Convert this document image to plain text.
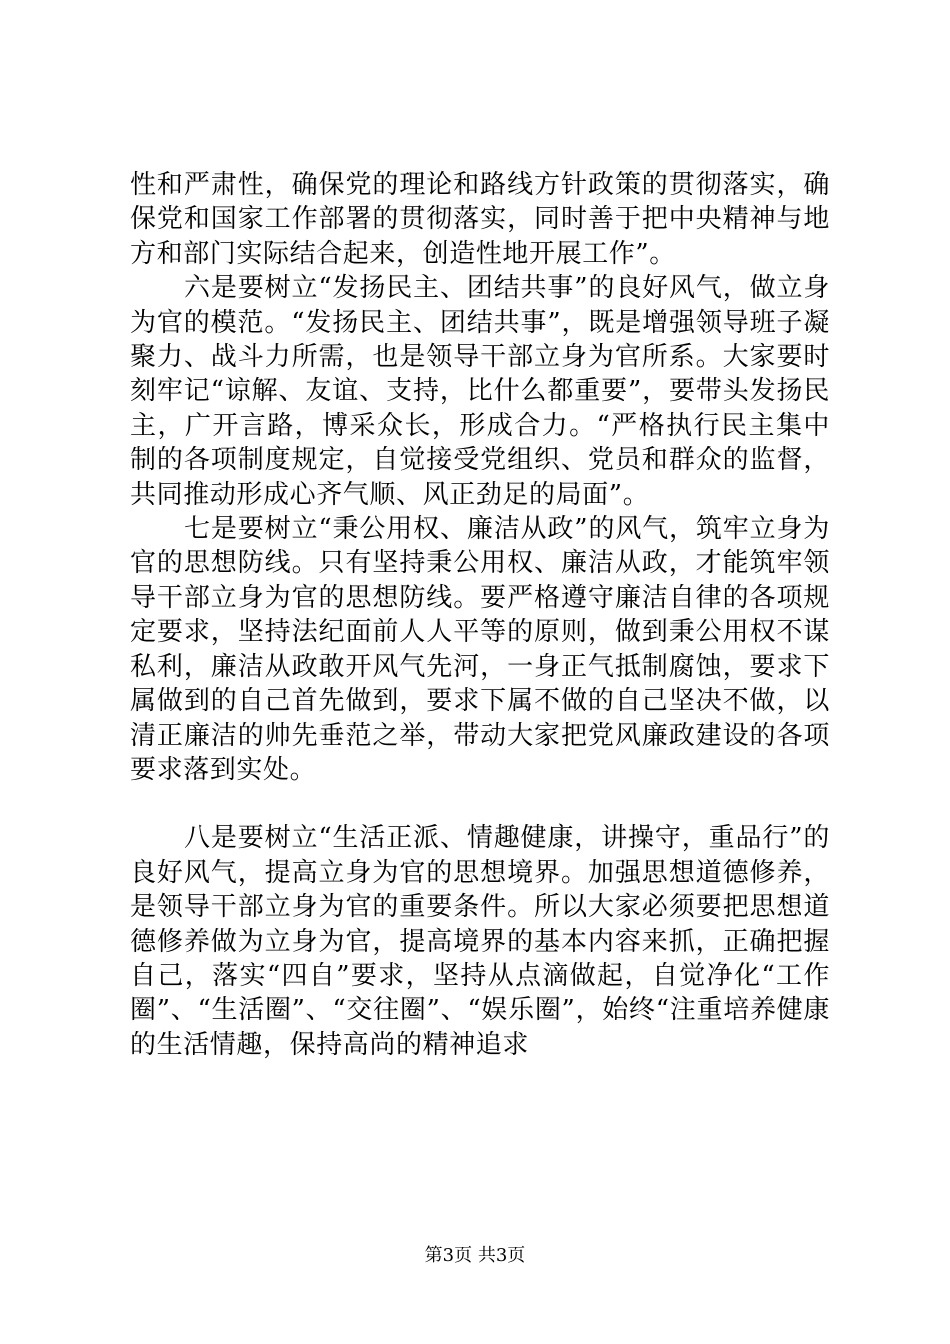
性和严肃性，确保党的理论和路线方针政策的贯彻落实，确保党和国家工作部署的贯彻落实，同时善于把中央精神与地方和部门实际结合起来，创造性地开展工作”。

六是要树立“发扬民主、团结共事”的良好风气，做立身为官的模范。“发扬民主、团结共事”，既是增强领导班子凝聚力、战斗力所需，也是领导干部立身为官所系。大家要时刻牢记“谅解、友谊、支持，比什么都重要”，要带头发扬民主，广开言路，博采众长，形成合力。“严格执行民主集中制的各项制度规定，自觉接受党组织、党员和群众的监督，共同推动形成心齐气顺、风正劲足的局面”。

七是要树立“秉公用权、廉洁从政”的风气，筑牢立身为官的思想防线。只有坚持秉公用权、廉洁从政，才能筑牢领导干部立身为官的思想防线。要严格遵守廉洁自律的各项规定要求，坚持法纪面前人人平等的原则，做到秉公用权不谋私利，廉洁从政敢开风气先河，一身正气抵制腐蚀，要求下属做到的自己首先做到，要求下属不做的自己坚决不做，以清正廉洁的帅先垂范之举，带动大家把党风廉政建设的各项要求落到实处。

八是要树立“生活正派、情趣健康，讲操守，重品行”的良好风气，提高立身为官的思想境界。加强思想道德修养，是领导干部立身为官的重要条件。所以大家必须要把思想道德修养做为立身为官，提高境界的基本内容来抓，正确把握自己，落实“四自”要求，坚持从点滴做起，自觉净化“工作圈”、“生活圈”、“交往圈”、“娱乐圈”，始终“注重培养健康的生活情趣，保持高尚的精神追求

第3页 共3页
